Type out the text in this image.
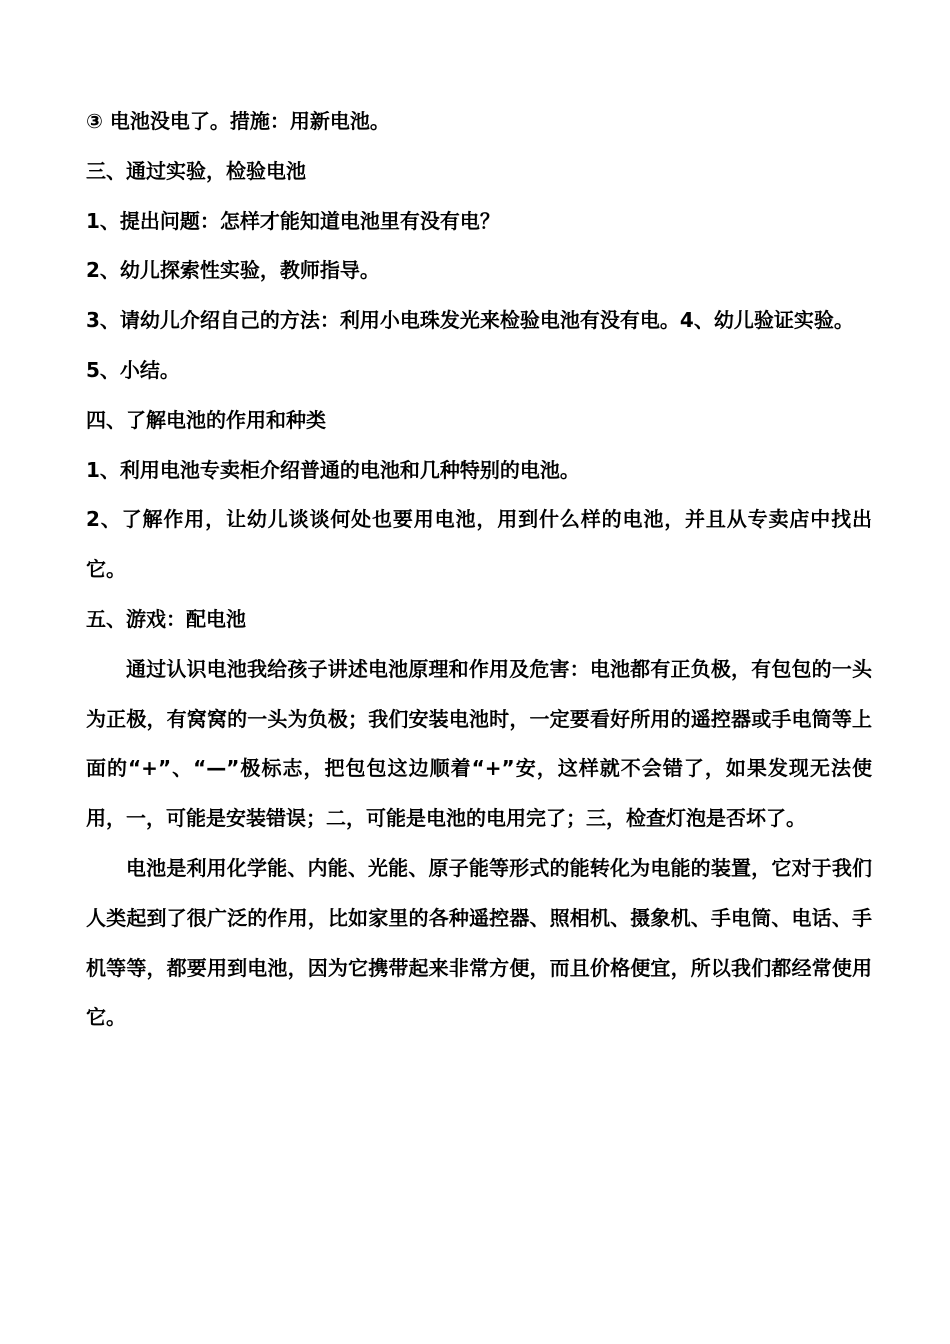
③ 电池没电了。措施：用新电池。

三、通过实验，检验电池

1、提出问题：怎样才能知道电池里有没有电？

2、幼儿探索性实验，教师指导。

3、请幼儿介绍自己的方法：利用小电珠发光来检验电池有没有电。4、幼儿验证实验。

5、小结。

四、了解电池的作用和种类

1、利用电池专卖柜介绍普通的电池和几种特别的电池。

2、了解作用，让幼儿谈谈何处也要用电池，用到什么样的电池，并且从专卖店中找出它。

五、游戏：配电池

通过认识电池我给孩子讲述电池原理和作用及危害：电池都有正负极，有包包的一头为正极，有窝窝的一头为负极；我们安装电池时，一定要看好所用的遥控器或手电筒等上面的“+”、“—”极标志，把包包这边顺着“+”安，这样就不会错了，如果发现无法使用，一，可能是安装错误；二，可能是电池的电用完了；三，检查灯泡是否坏了。

电池是利用化学能、内能、光能、原子能等形式的能转化为电能的装置，它对于我们人类起到了很广泛的作用，比如家里的各种遥控器、照相机、摄象机、手电筒、电话、手机等等，都要用到电池，因为它携带起来非常方便，而且价格便宜，所以我们都经常使用它。
